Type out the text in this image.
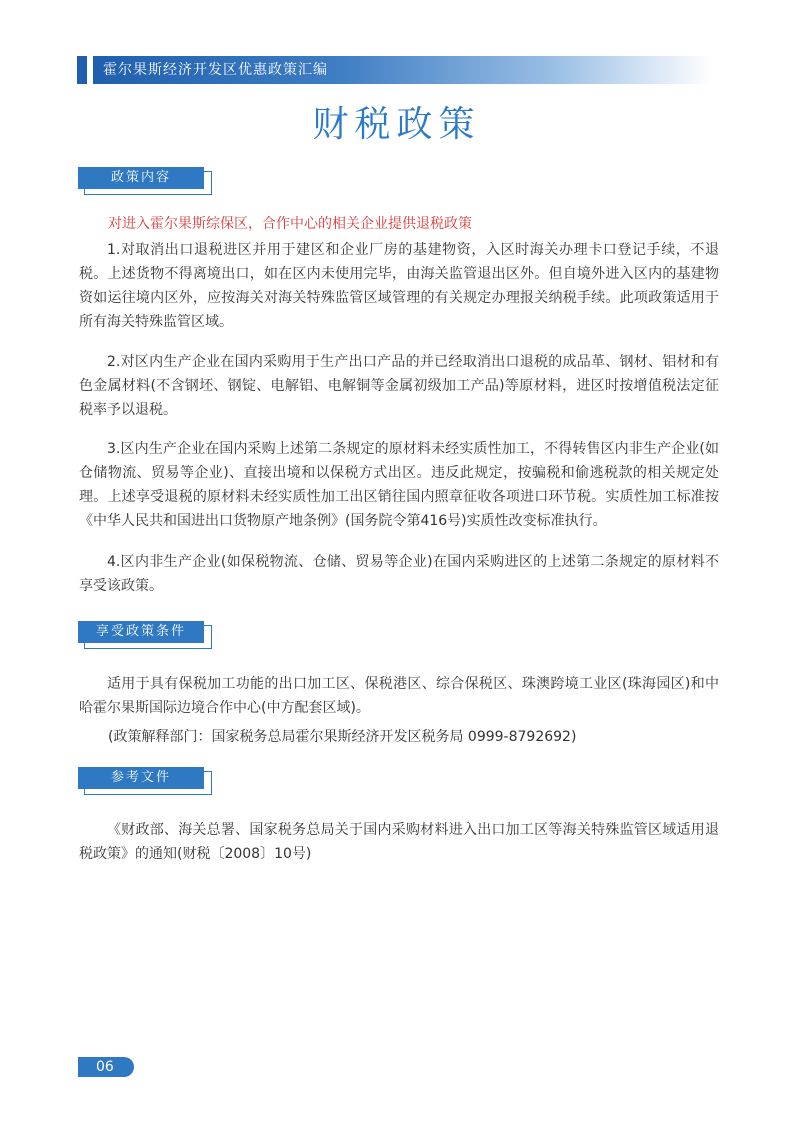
霍尔果斯经济开发区优惠政策汇编
财税政策
政策内容
对进入霍尔果斯综保区，合作中心的相关企业提供退税政策

1.对取消出口退税进区并用于建区和企业厂房的基建物资，入区时海关办理卡口登记手续，不退税。上述货物不得离境出口，如在区内未使用完毕，由海关监管退出区外。但自境外进入区内的基建物资如运往境内区外，应按海关对海关特殊监管区域管理的有关规定办理报关纳税手续。此项政策适用于所有海关特殊监管区域。

2.对区内生产企业在国内采购用于生产出口产品的并已经取消出口退税的成品革、钢材、铝材和有色金属材料(不含钢坯、钢锭、电解铝、电解铜等金属初级加工产品)等原材料，进区时按增值税法定征税率予以退税。

3.区内生产企业在国内采购上述第二条规定的原材料未经实质性加工，不得转售区内非生产企业(如仓储物流、贸易等企业)、直接出境和以保税方式出区。违反此规定，按骗税和偷逃税款的相关规定处理。上述享受退税的原材料未经实质性加工出区销往国内照章征收各项进口环节税。实质性加工标准按《中华人民共和国进出口货物原产地条例》(国务院令第416号)实质性改变标准执行。

4.区内非生产企业(如保税物流、仓储、贸易等企业)在国内采购进区的上述第二条规定的原材料不享受该政策。

享受政策条件

适用于具有保税加工功能的出口加工区、保税港区、综合保税区、珠澳跨境工业区(珠海园区)和中哈霍尔果斯国际边境合作中心(中方配套区域)。

(政策解释部门：国家税务总局霍尔果斯经济开发区税务局 0999-8792692)
参考文件

《财政部、海关总署、国家税务总局关于国内采购材料进入出口加工区等海关特殊监管区域适用退税政策》的通知(财税〔2008〕10号)

06
